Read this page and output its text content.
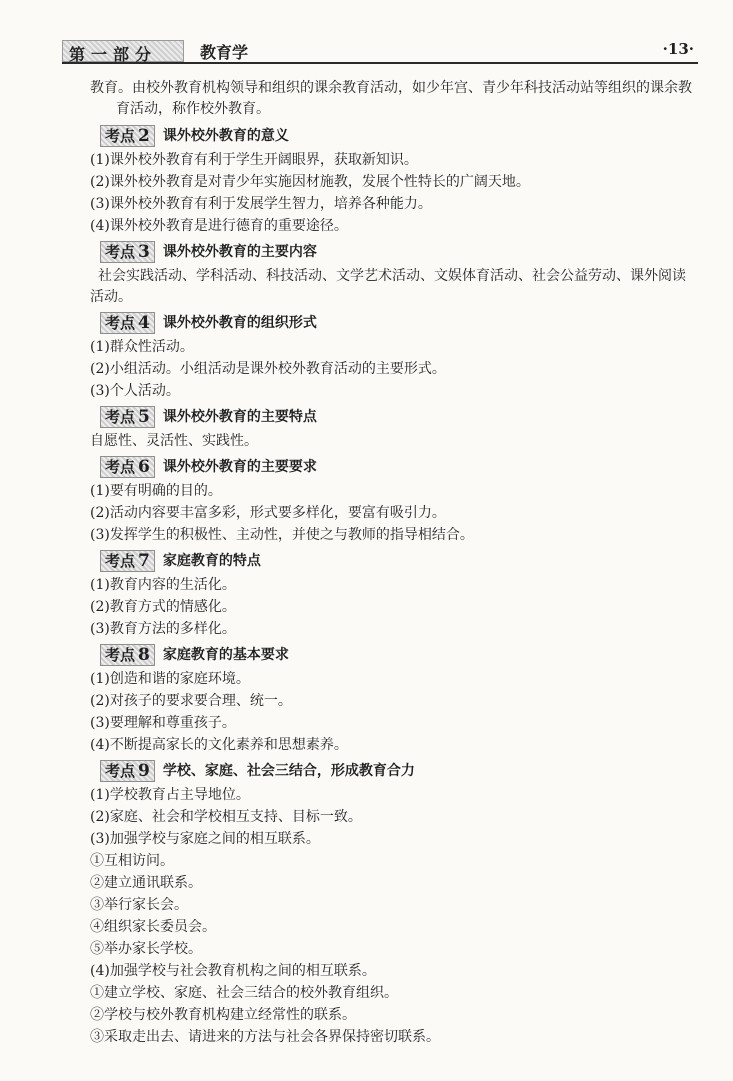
第一部分	教育学	·13·

教育。由校外教育机构领导和组织的课余教育活动，如少年宫、青少年科技活动站等组织的课余教育活动，称作校外教育。

考点 2 课外校外教育的意义

(1)课外校外教育有利于学生开阔眼界，获取新知识。

(2)课外校外教育是对青少年实施因材施教，发展个性特长的广阔天地。

(3)课外校外教育有利于发展学生智力，培养各种能力。

(4)课外校外教育是进行德育的重要途径。

考点 3 课外校外教育的主要内容

社会实践活动、学科活动、科技活动、文学艺术活动、文娱体育活动、社会公益劳动、课外阅读活动。

考点 4 课外校外教育的组织形式

(1)群众性活动。

(2)小组活动。小组活动是课外校外教育活动的主要形式。

(3)个人活动。

考点 5 课外校外教育的主要特点

自愿性、灵活性、实践性。

考点 6 课外校外教育的主要要求

(1)要有明确的目的。

(2)活动内容要丰富多彩，形式要多样化，要富有吸引力。

(3)发挥学生的积极性、主动性，并使之与教师的指导相结合。

考点 7 家庭教育的特点

(1)教育内容的生活化。

(2)教育方式的情感化。

(3)教育方法的多样化。

考点 8 家庭教育的基本要求

(1)创造和谐的家庭环境。

(2)对孩子的要求要合理、统一。

(3)要理解和尊重孩子。

(4)不断提高家长的文化素养和思想素养。

考点 9 学校、家庭、社会三结合，形成教育合力

(1)学校教育占主导地位。

(2)家庭、社会和学校相互支持、目标一致。

(3)加强学校与家庭之间的相互联系。

①互相访问。

②建立通讯联系。

③举行家长会。

④组织家长委员会。

⑤举办家长学校。

(4)加强学校与社会教育机构之间的相互联系。

①建立学校、家庭、社会三结合的校外教育组织。

②学校与校外教育机构建立经常性的联系。

③采取走出去、请进来的方法与社会各界保持密切联系。
